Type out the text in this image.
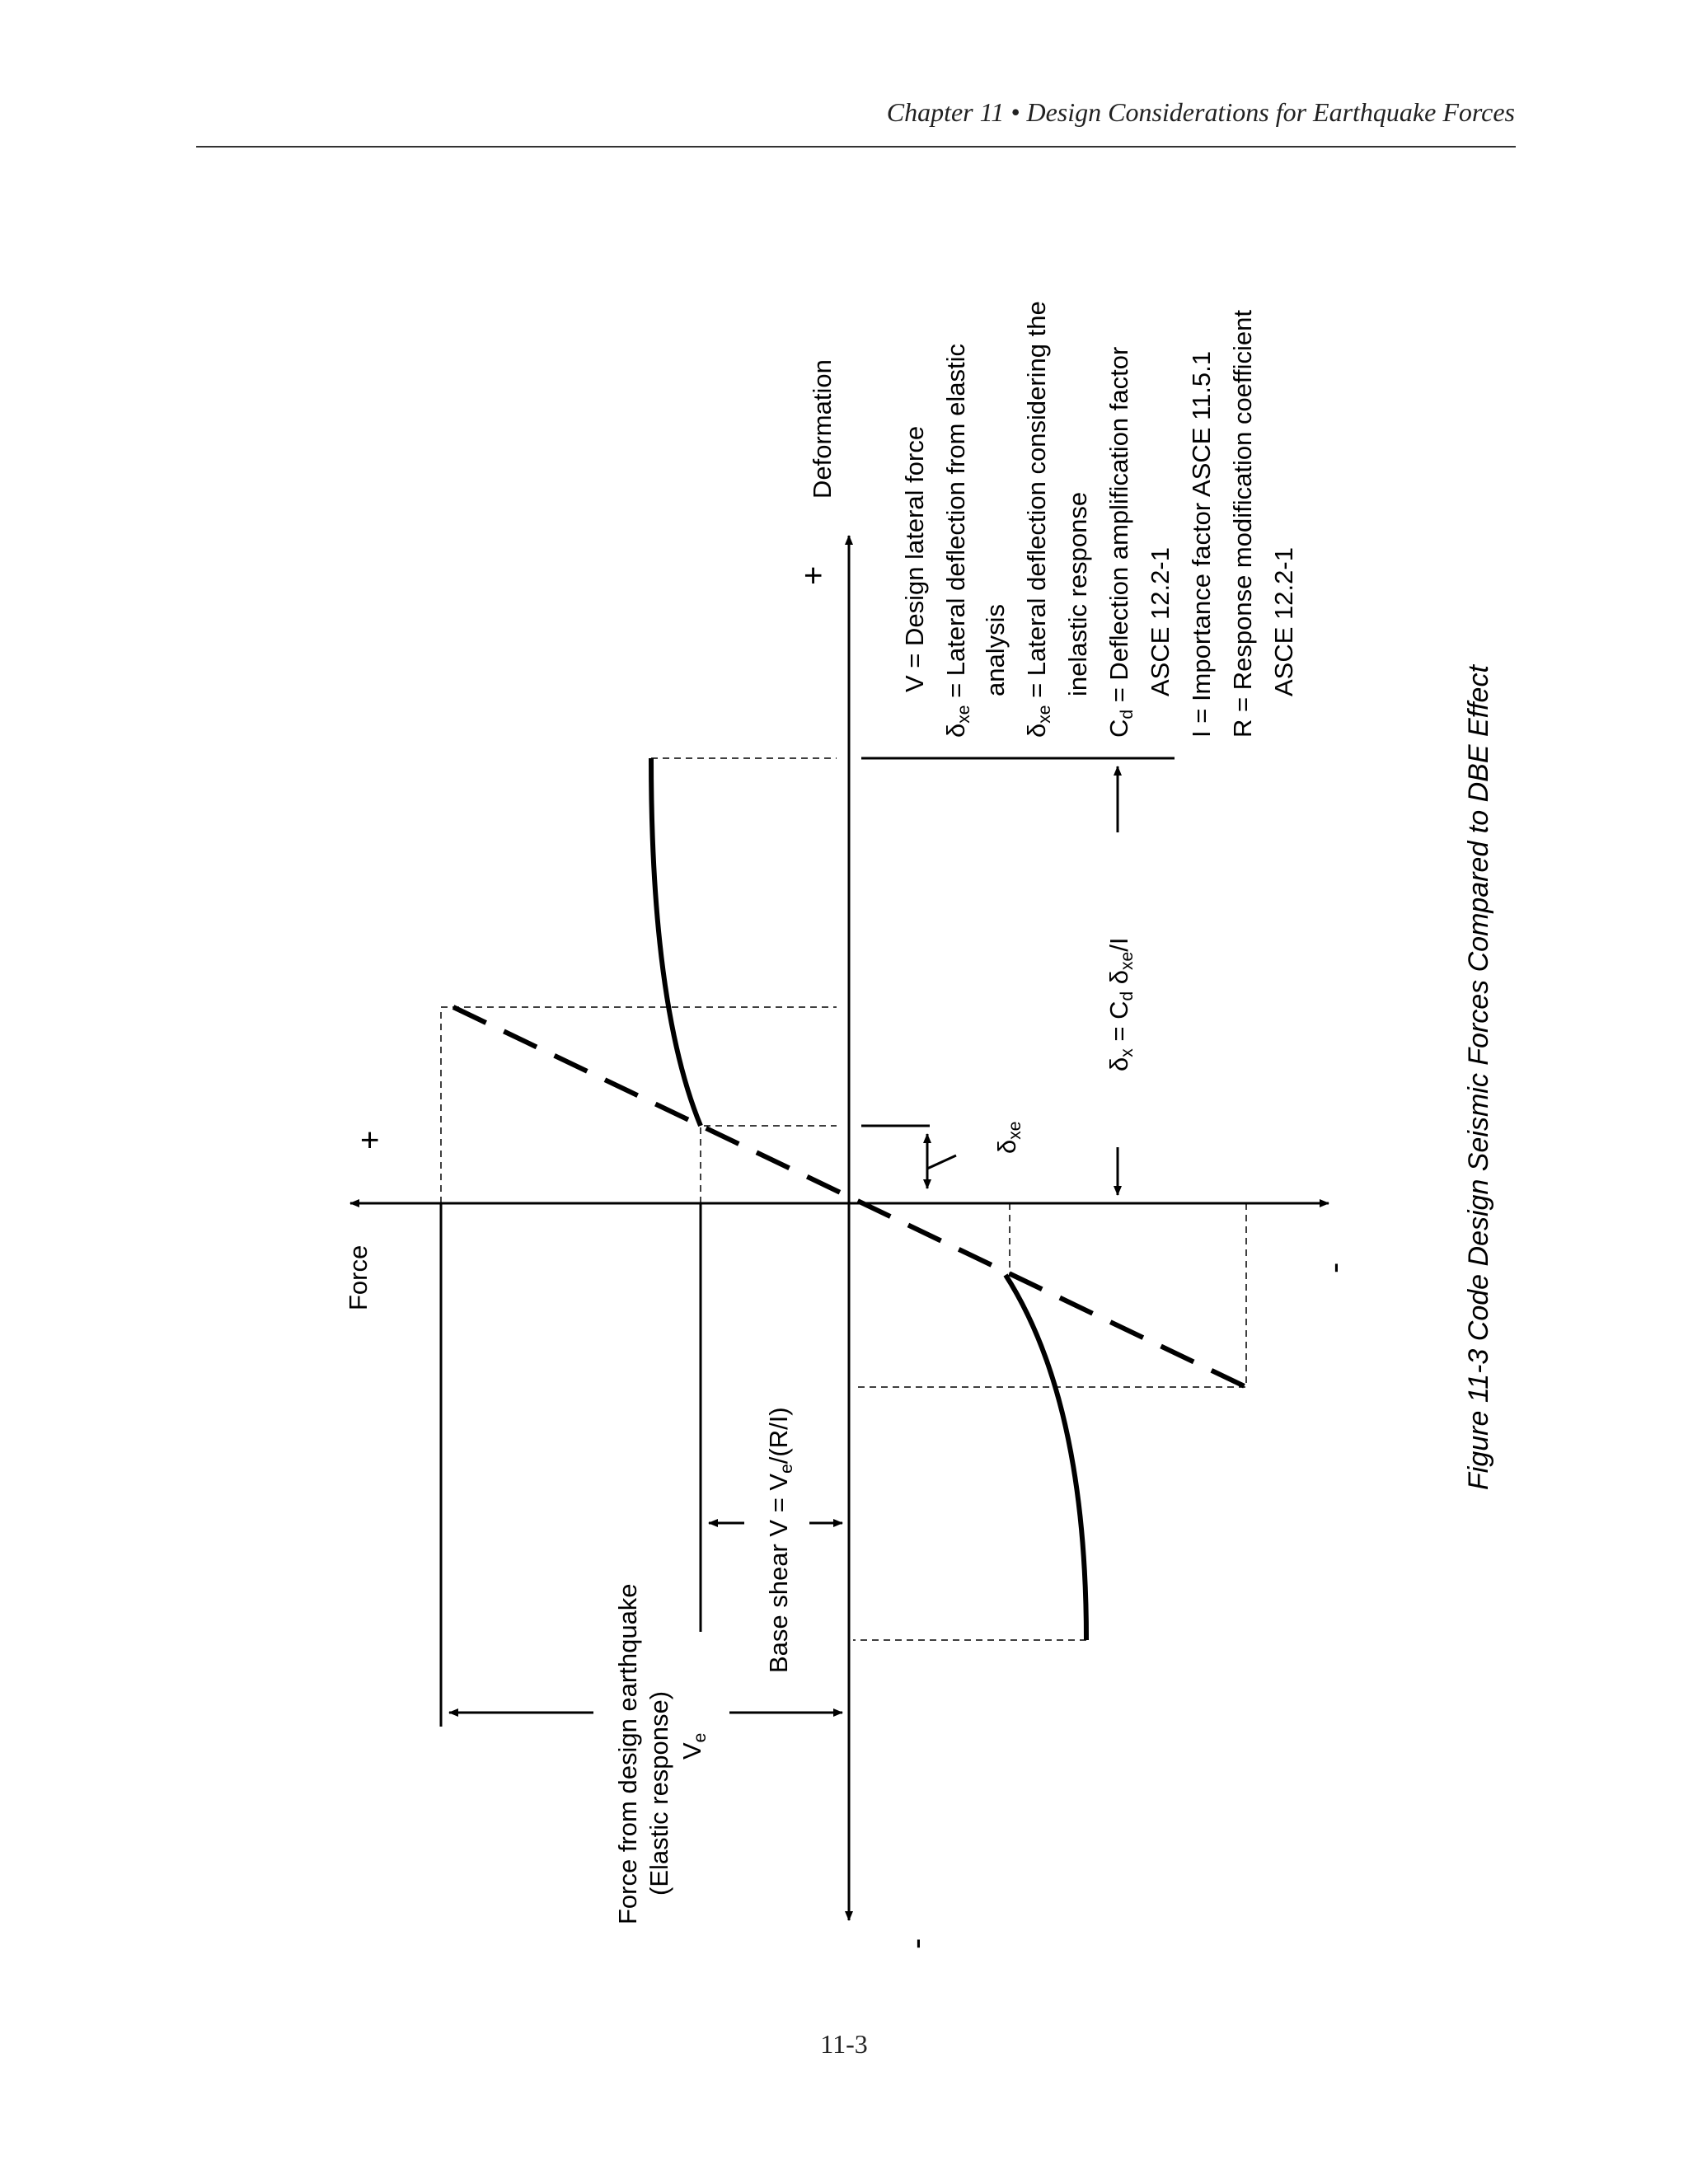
Chapter 11 • Design Considerations for Earthquake Forces
Deformation
Force
+
+
-
-
Force from design earthquake (Elastic response) Ve
Base shear V = Ve/(R/I)
δx = Cd δxe/I
δxe
V = Design lateral force
δxe = Lateral deflection from elastic analysis
δxe = Lateral deflection considering the inelastic response
Cd = Deflection amplification factor ASCE 12.2-1 I = Importance factor ASCE 11.5.1 R = Response modification coefficient ASCE 12.2-1
Figure 11-3 Code Design Seismic Forces Compared to DBE Effect
11-3
